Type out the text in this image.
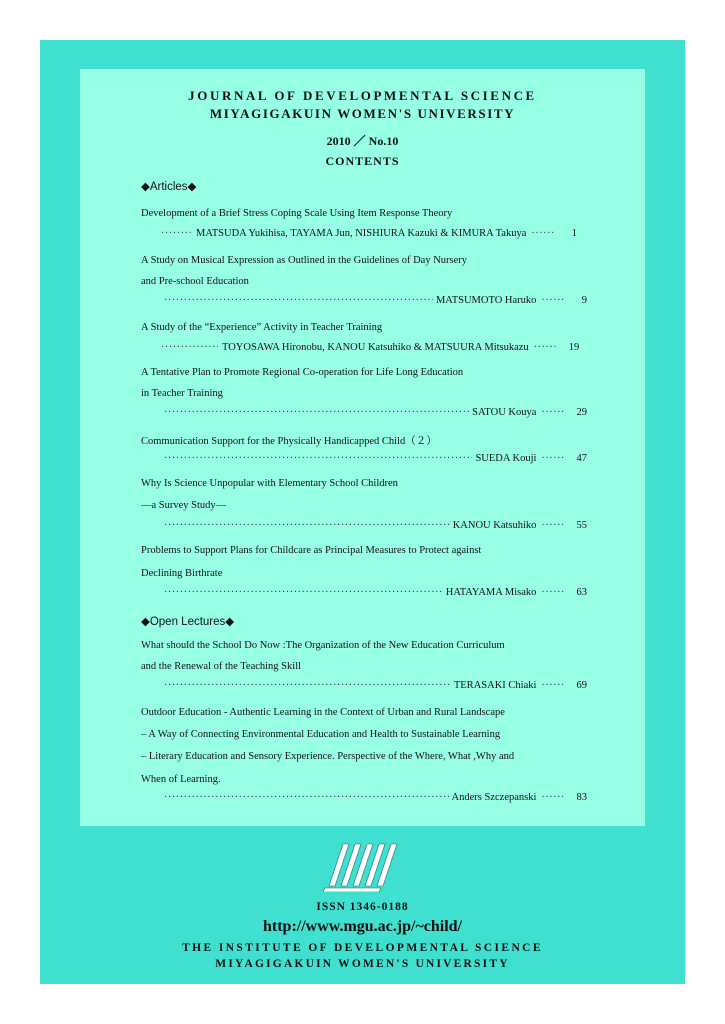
JOURNAL OF DEVELOPMENTAL SCIENCE
MIYAGIGAKUIN WOMEN'S UNIVERSITY
2010 ／ No.10
CONTENTS
◆Articles◆
Development of a Brief Stress Coping Scale Using Item Response Theory
·····
MATSUDA Yukihisa, TAYAMA Jun, NISHIURA Kazuki & KIMURA Takuya ······	1
A Study on Musical Expression as Outlined in the Guidelines of Day Nursery
and Pre-school Education
·····
MATSUMOTO Haruko ······	9
A Study of the “Experience” Activity in Teacher Training
·····
TOYOSAWA Hironobu, KANOU Katsuhiko & MATSUURA Mitsukazu ······	19
A Tentative Plan to Promote Regional Co-operation for Life Long Education
in Teacher Training
·····
SATOU Kouya ······	29
Communication Support for the Physically Handicapped Child（２）
·····
SUEDA Kouji ······	47
Why Is Science Unpopular with Elementary School Children
—a Survey Study—
·····
KANOU Katsuhiko ······	55
Problems to Support Plans for Childcare as Principal Measures to Protect against
Declining Birthrate
·····
HATAYAMA Misako ······	63
◆Open Lectures◆
What should the School Do Now :The Organization of the New Education Curriculum
and the Renewal of the Teaching Skill
·····
TERASAKI Chiaki ······	69
Outdoor Education - Authentic Learning in the Context of Urban and Rural Landscape
– A Way of Connecting Environmental Education and Health to Sustainable Learning
– Literary Education and Sensory Experience. Perspective of the Where, What ,Why and
When of Learning.
·····
Anders Szczepanski ······	83
ISSN 1346-0188
http://www.mgu.ac.jp/~child/
THE INSTITUTE OF DEVELOPMENTAL SCIENCE
MIYAGIGAKUIN WOMEN'S UNIVERSITY
